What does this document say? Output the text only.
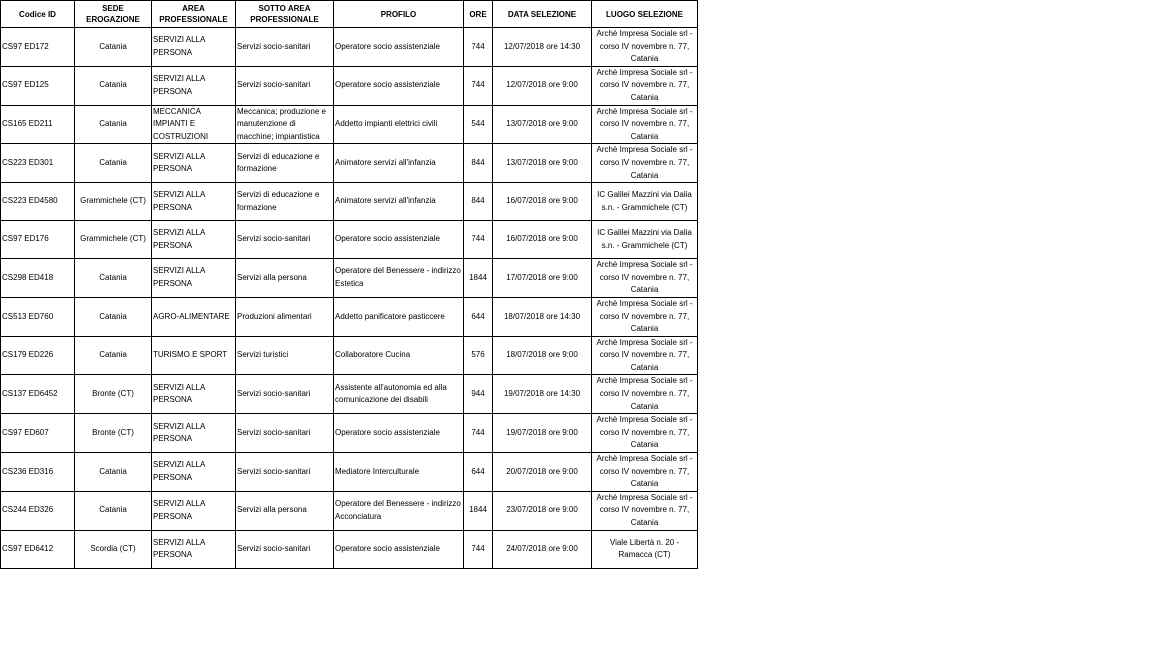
Codice ID	SEDE EROGAZIONE	AREA PROFESSIONALE	SOTTO AREA PROFESSIONALE	PROFILO	ORE	DATA SELEZIONE	LUOGO SELEZIONE
CS97 ED172	Catania	SERVIZI ALLA PERSONA	Servizi socio-sanitari	Operatore socio assistenziale	744	12/07/2018 ore 14:30	Archè Impresa Sociale srl - corso IV novembre n. 77, Catania
CS97 ED125	Catania	SERVIZI ALLA PERSONA	Servizi socio-sanitari	Operatore socio assistenziale	744	12/07/2018 ore 9:00	Archè Impresa Sociale srl - corso IV novembre n. 77, Catania
CS165 ED211	Catania	MECCANICA IMPIANTI E COSTRUZIONI	Meccanica; produzione e manutenzione di macchine; impiantistica	Addetto impianti elettrici civili	544	13/07/2018 ore 9:00	Archè Impresa Sociale srl - corso IV novembre n. 77, Catania
CS223 ED301	Catania	SERVIZI ALLA PERSONA	Servizi di educazione e formazione	Animatore servizi all'infanzia	844	13/07/2018 ore 9:00	Archè Impresa Sociale srl - corso IV novembre n. 77, Catania
CS223 ED4580	Grammichele (CT)	SERVIZI ALLA PERSONA	Servizi di educazione e formazione	Animatore servizi all'infanzia	844	16/07/2018 ore 9:00	IC Galilei Mazzini via Dalia s.n. - Grammichele (CT)
CS97 ED176	Grammichele (CT)	SERVIZI ALLA PERSONA	Servizi socio-sanitari	Operatore socio assistenziale	744	16/07/2018 ore 9:00	IC Galilei Mazzini via Dalia s.n. - Grammichele (CT)
CS298 ED418	Catania	SERVIZI ALLA PERSONA	Servizi alla persona	Operatore del Benessere - indirizzo Estetica	1844	17/07/2018 ore 9:00	Archè Impresa Sociale srl - corso IV novembre n. 77, Catania
CS513 ED760	Catania	AGRO-ALIMENTARE	Produzioni alimentari	Addetto panificatore pasticcere	644	18/07/2018 ore 14:30	Archè Impresa Sociale srl - corso IV novembre n. 77, Catania
CS179 ED226	Catania	TURISMO E SPORT	Servizi turistici	Collaboratore Cucina	576	18/07/2018 ore 9:00	Archè Impresa Sociale srl - corso IV novembre n. 77, Catania
CS137 ED6452	Bronte (CT)	SERVIZI ALLA PERSONA	Servizi socio-sanitari	Assistente all'autonomia ed alla comunicazione dei disabili	944	19/07/2018 ore 14:30	Archè Impresa Sociale srl - corso IV novembre n. 77, Catania
CS97 ED607	Bronte (CT)	SERVIZI ALLA PERSONA	Servizi socio-sanitari	Operatore socio assistenziale	744	19/07/2018 ore 9:00	Archè Impresa Sociale srl - corso IV novembre n. 77, Catania
CS236 ED316	Catania	SERVIZI ALLA PERSONA	Servizi socio-sanitari	Mediatore Interculturale	644	20/07/2018 ore 9:00	Archè Impresa Sociale srl - corso IV novembre n. 77, Catania
CS244 ED326	Catania	SERVIZI ALLA PERSONA	Servizi alla persona	Operatore del Benessere - indirizzo Acconciatura	1844	23/07/2018 ore 9:00	Archè Impresa Sociale srl - corso IV novembre n. 77, Catania
CS97 ED6412	Scordia (CT)	SERVIZI ALLA PERSONA	Servizi socio-sanitari	Operatore socio assistenziale	744	24/07/2018 ore 9:00	Viale Libertà n. 20 - Ramacca (CT)
